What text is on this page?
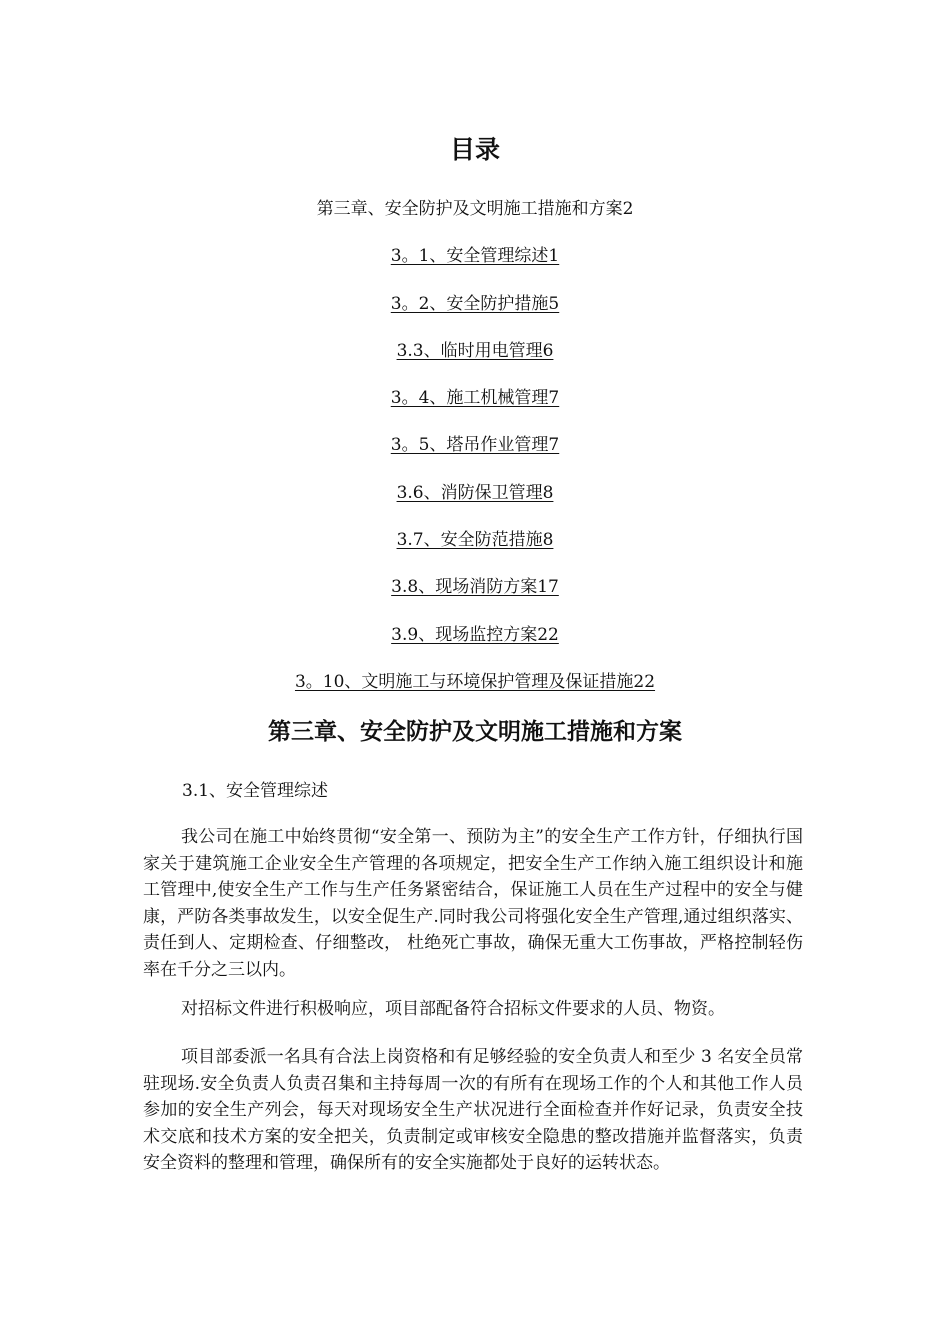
目录
第三章、安全防护及文明施工措施和方案2
3。1、安全管理综述1
3。2、安全防护措施5
3.3、临时用电管理6
3。4、施工机械管理7
3。5、塔吊作业管理7
3.6、消防保卫管理8
3.7、安全防范措施8
3.8、现场消防方案17
3.9、现场监控方案22
3。10、文明施工与环境保护管理及保证措施22
第三章、安全防护及文明施工措施和方案

3.1、安全管理综述

我公司在施工中始终贯彻“安全第一、预防为主”的安全生产工作方针，仔细执行国家关于建筑施工企业安全生产管理的各项规定，把安全生产工作纳入施工组织设计和施工管理中,使安全生产工作与生产任务紧密结合，保证施工人员在生产过程中的安全与健康，严防各类事故发生，以安全促生产.同时我公司将强化安全生产管理,通过组织落实、责任到人、定期检查、仔细整改， 杜绝死亡事故，确保无重大工伤事故，严格控制轻伤率在千分之三以内。

对招标文件进行积极响应，项目部配备符合招标文件要求的人员、物资。

项目部委派一名具有合法上岗资格和有足够经验的安全负责人和至少 3 名安全员常驻现场.安全负责人负责召集和主持每周一次的有所有在现场工作的个人和其他工作人员参加的安全生产列会，每天对现场安全生产状况进行全面检查并作好记录，负责安全技术交底和技术方案的安全把关，负责制定或审核安全隐患的整改措施并监督落实，负责安全资料的整理和管理，确保所有的安全实施都处于良好的运转状态。
